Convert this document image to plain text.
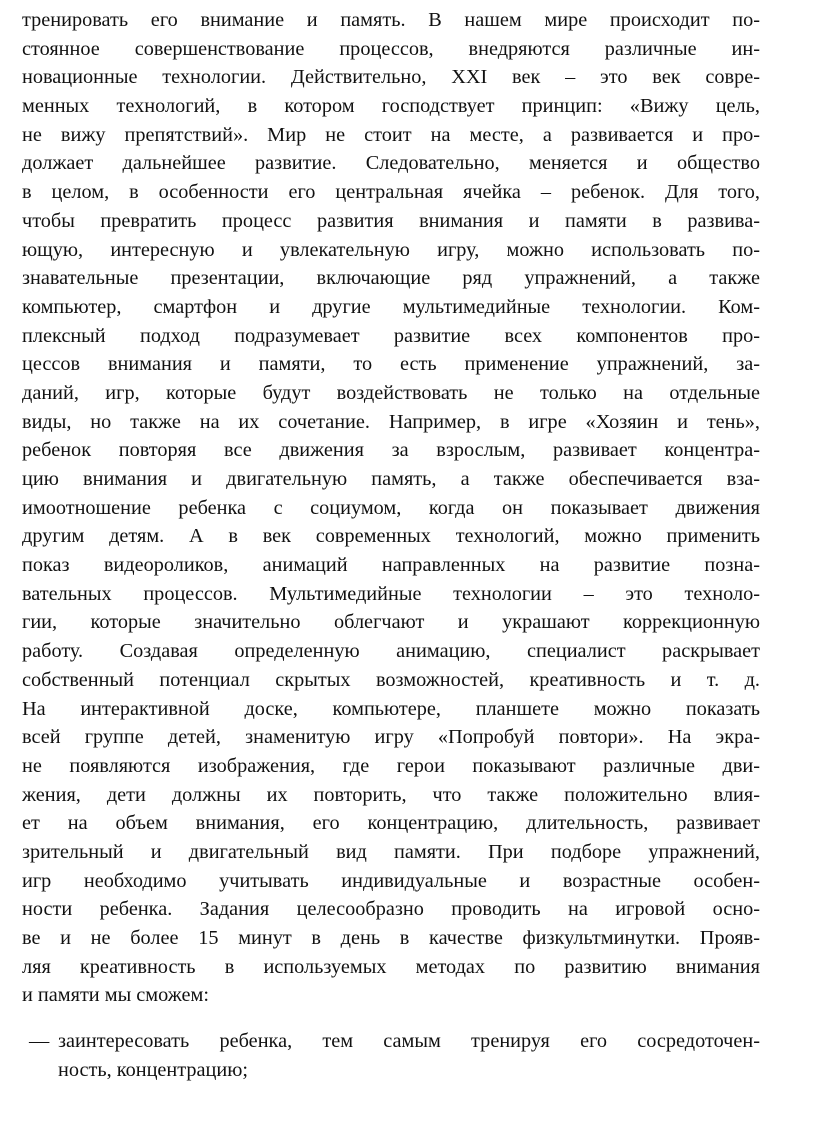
тренировать его внимание и память. В нашем мире происходит по-
стоянное совершенствование процессов, внедряются различные ин-
новационные технологии. Действительно, XXI век – это век совре-
менных технологий, в котором господствует принцип: «Вижу цель,
не вижу препятствий». Мир не стоит на месте, а развивается и про-
должает дальнейшее развитие. Следовательно, меняется и общество
в целом, в особенности его центральная ячейка – ребенок. Для того,
чтобы превратить процесс развития внимания и памяти в развива-
ющую, интересную и увлекательную игру, можно использовать по-
знавательные презентации, включающие ряд упражнений, а также
компьютер, смартфон и другие мультимедийные технологии. Ком-
плексный подход подразумевает развитие всех компонентов про-
цессов внимания и памяти, то есть применение упражнений, за-
даний, игр, которые будут воздействовать не только на отдельные
виды, но также на их сочетание. Например, в игре «Хозяин и тень»,
ребенок повторяя все движения за взрослым, развивает концентра-
цию внимания и двигательную память, а также обеспечивается вза-
имоотношение ребенка с социумом, когда он показывает движения
другим детям. А в век современных технологий, можно применить
показ видеороликов, анимаций направленных на развитие позна-
вательных процессов. Мультимедийные технологии – это техноло-
гии, которые значительно облегчают и украшают коррекционную
работу. Создавая определенную анимацию, специалист раскрывает
собственный потенциал скрытых возможностей, креативность и т. д.
На интерактивной доске, компьютере, планшете можно показать
всей группе детей, знаменитую игру «Попробуй повтори». На экра-
не появляются изображения, где герои показывают различные дви-
жения, дети должны их повторить, что также положительно влия-
ет на объем внимания, его концентрацию, длительность, развивает
зрительный и двигательный вид памяти. При подборе упражнений,
игр необходимо учитывать индивидуальные и возрастные особен-
ности ребенка. Задания целесообразно проводить на игровой осно-
ве и не более 15 минут в день в качестве физкультминутки. Прояв-
ляя креативность в используемых методах по развитию внимания
и памяти мы сможем:
— заинтересовать ребенка, тем самым тренируя его сосредоточен-
ность, концентрацию;
